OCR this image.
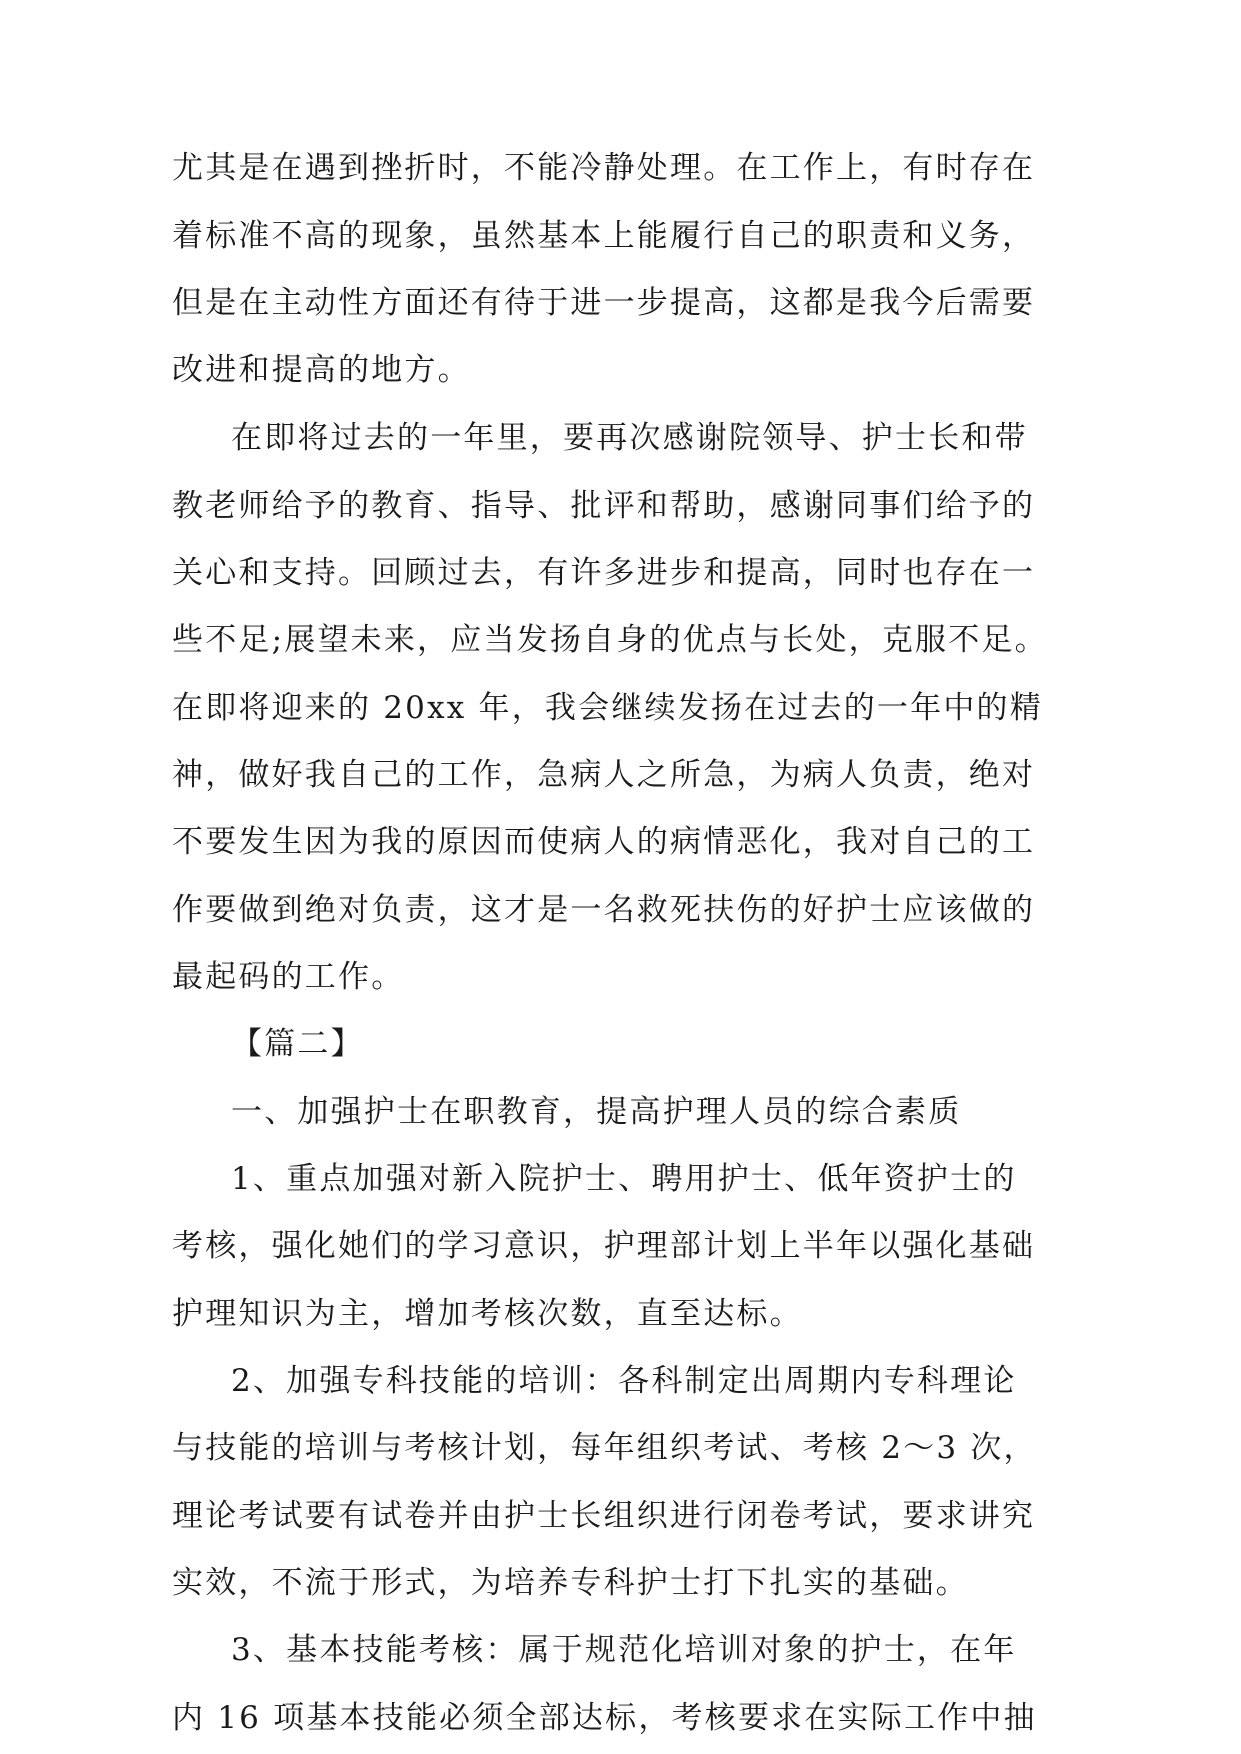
尤其是在遇到挫折时，不能冷静处理。在工作上，有时存在
着标准不高的现象，虽然基本上能履行自己的职责和义务，
但是在主动性方面还有待于进一步提高，这都是我今后需要
改进和提高的地方。
在即将过去的一年里，要再次感谢院领导、护士长和带
教老师给予的教育、指导、批评和帮助，感谢同事们给予的
关心和支持。回顾过去，有许多进步和提高，同时也存在一
些不足;展望未来，应当发扬自身的优点与长处，克服不足。
在即将迎来的 20xx 年，我会继续发扬在过去的一年中的精
神，做好我自己的工作，急病人之所急，为病人负责，绝对
不要发生因为我的原因而使病人的病情恶化，我对自己的工
作要做到绝对负责，这才是一名救死扶伤的好护士应该做的
最起码的工作。
【篇二】
一、加强护士在职教育，提高护理人员的综合素质
1、重点加强对新入院护士、聘用护士、低年资护士的
考核，强化她们的学习意识，护理部计划上半年以强化基础
护理知识为主，增加考核次数，直至达标。
2、加强专科技能的培训：各科制定出周期内专科理论
与技能的培训与考核计划，每年组织考试、考核 2～3 次，
理论考试要有试卷并由护士长组织进行闭卷考试，要求讲究
实效，不流于形式，为培养专科护士打下扎实的基础。
3、基本技能考核：属于规范化培训对象的护士，在年
内 16 项基本技能必须全部达标，考核要求在实际工作中抽
